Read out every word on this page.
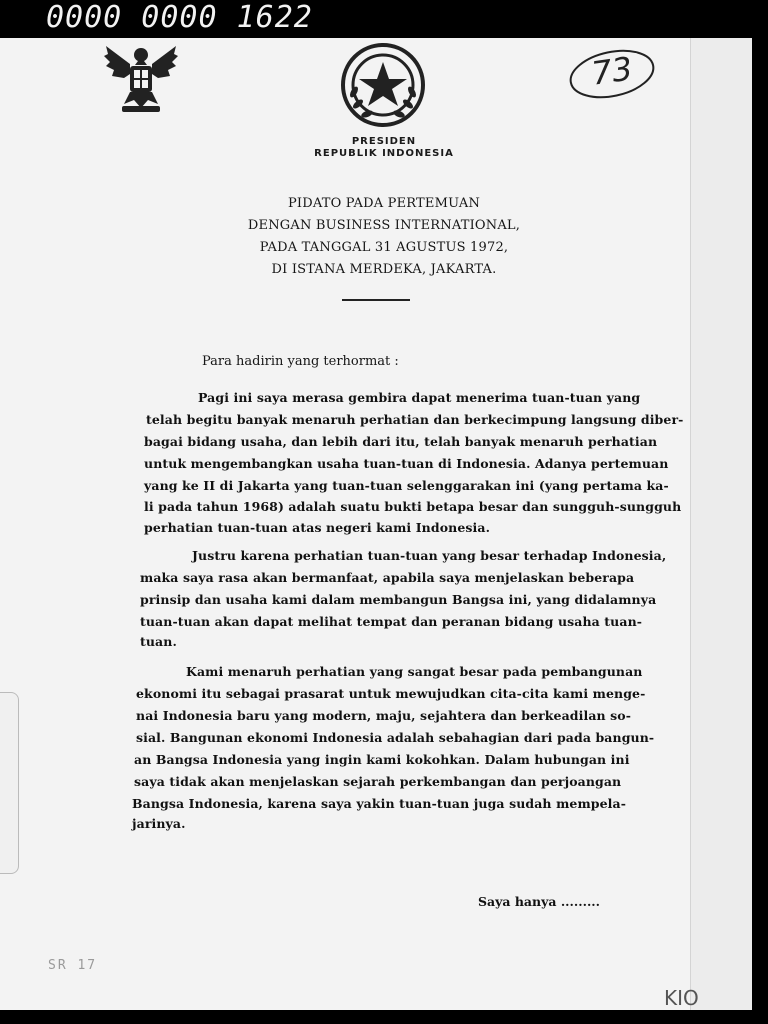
0000 0000 1622
73
PRESIDEN
REPUBLIK INDONESIA
PIDATO PADA PERTEMUAN
DENGAN BUSINESS INTERNATIONAL,
PADA TANGGAL 31 AGUSTUS 1972,
DI ISTANA MERDEKA, JAKARTA.
Para hadirin yang terhormat :
Pagi ini saya merasa gembira dapat menerima tuan-tuan yang
telah begitu banyak menaruh perhatian dan berkecimpung langsung diber-
bagai bidang usaha, dan lebih dari itu, telah banyak menaruh perhatian
untuk mengembangkan usaha tuan-tuan di Indonesia. Adanya pertemuan
yang ke II di Jakarta yang tuan-tuan selenggarakan ini (yang pertama ka-
li pada tahun 1968) adalah suatu bukti betapa besar dan sungguh-sungguh
perhatian tuan-tuan atas negeri kami Indonesia.
Justru karena perhatian tuan-tuan yang besar terhadap Indonesia,
maka saya rasa akan bermanfaat, apabila saya menjelaskan beberapa
prinsip dan usaha kami dalam membangun Bangsa ini, yang didalamnya
tuan-tuan akan dapat melihat tempat dan peranan bidang usaha tuan-
tuan.
Kami menaruh perhatian yang sangat besar pada pembangunan
ekonomi itu sebagai prasarat untuk mewujudkan cita-cita kami menge-
nai Indonesia baru yang modern, maju, sejahtera dan berkeadilan so-
sial. Bangunan ekonomi Indonesia adalah sebahagian dari pada bangun-
an Bangsa Indonesia yang ingin kami kokohkan. Dalam hubungan ini
saya tidak akan menjelaskan sejarah perkembangan dan perjoangan
Bangsa Indonesia, karena saya yakin tuan-tuan juga sudah mempela-
jarinya.
Saya hanya .........
SR 17
KIO
